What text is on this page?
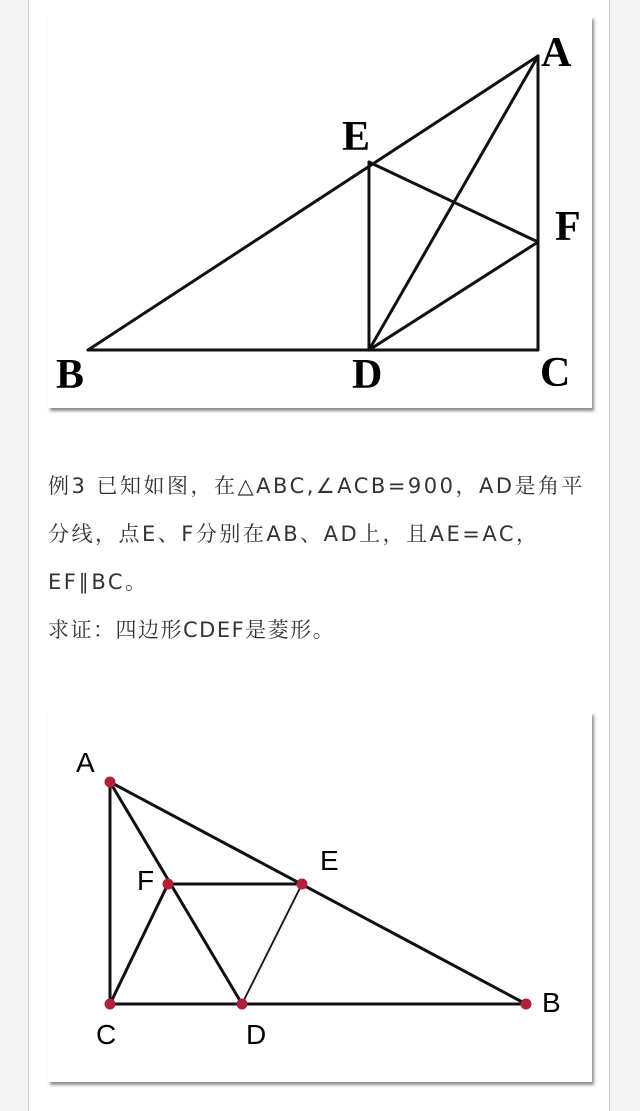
A
E
F
B	D	C

例3 已知如图，在△ABC,∠ACB=900，AD是角平分线，点E、F分别在AB、AD上，且AE=AC，EF∥BC。

求证：四边形CDEF是菱形。

A
F
E
C	D
B
